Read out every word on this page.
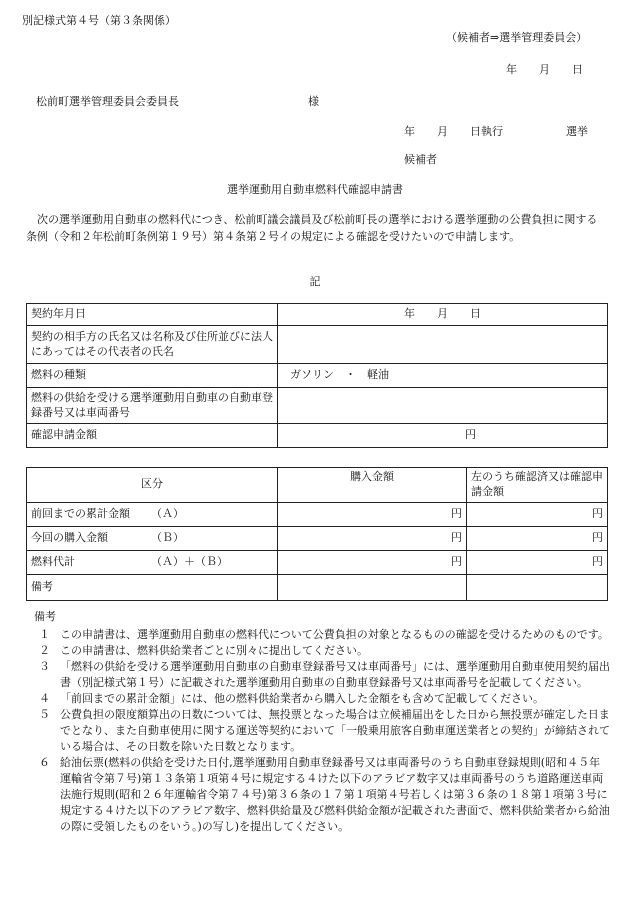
別記様式第４号（第３条関係）
（候補者⇒選挙管理委員会）
年　　月　　日
松前町選挙管理委員会委員長	様
年　　月　　日執行	選挙
候補者
選挙運動用自動車燃料代確認申請書
次の選挙運動用自動車の燃料代につき、松前町議会議員及び松前町長の選挙における選挙運動の公費負担に関する条例（令和２年松前町条例第１９号）第４条第２号イの規定による確認を受けたいので申請します。
記
契約年月日	年　　月　　日
契約の相手方の氏名又は名称及び住所並びに法人にあってはその代表者の氏名	
燃料の種類	ガソリン　・　軽油
燃料の供給を受ける選挙運動用自動車の自動車登録番号又は車両番号	
確認申請金額	円
区分	購入金額	左のうち確認済又は確認申請金額
前回までの累計金額 （Ａ）	円	円
今回の購入金額 （Ｂ）	円	円
燃料代計 （Ａ）＋（Ｂ）	円	円
備考		
備考
１ この申請書は、選挙運動用自動車の燃料代について公費負担の対象となるものの確認を受けるためのものです。
２ この申請書は、燃料供給業者ごとに別々に提出してください。
３ 「燃料の供給を受ける選挙運動用自動車の自動車登録番号又は車両番号」には、選挙運動用自動車使用契約届出書（別記様式第１号）に記載された選挙運動用自動車の自動車登録番号又は車両番号を記載してください。
４ 「前回までの累計金額」には、他の燃料供給業者から購入した金額をも含めて記載してください。
５ 公費負担の限度額算出の日数については、無投票となった場合は立候補届出をした日から無投票が確定した日までとなり、また自動車使用に関する運送等契約において「一般乗用旅客自動車運送業者との契約」が締結されている場合は、その日数を除いた日数となります。
６ 給油伝票(燃料の供給を受けた日付,選挙運動用自動車登録番号又は車両番号のうち自動車登録規則(昭和４５年運輸省令第７号)第１３条第１項第４号に規定する４けた以下のアラビア数字又は車両番号のうち道路運送車両法施行規則(昭和２６年運輸省令第７４号)第３６条の１７第１項第４号若しくは第３６条の１８第１項第３号に規定する４けた以下のアラビア数字、燃料供給量及び燃料供給金額が記載された書面で、燃料供給業者から給油の際に受領したものをいう。)の写し)を提出してください。
